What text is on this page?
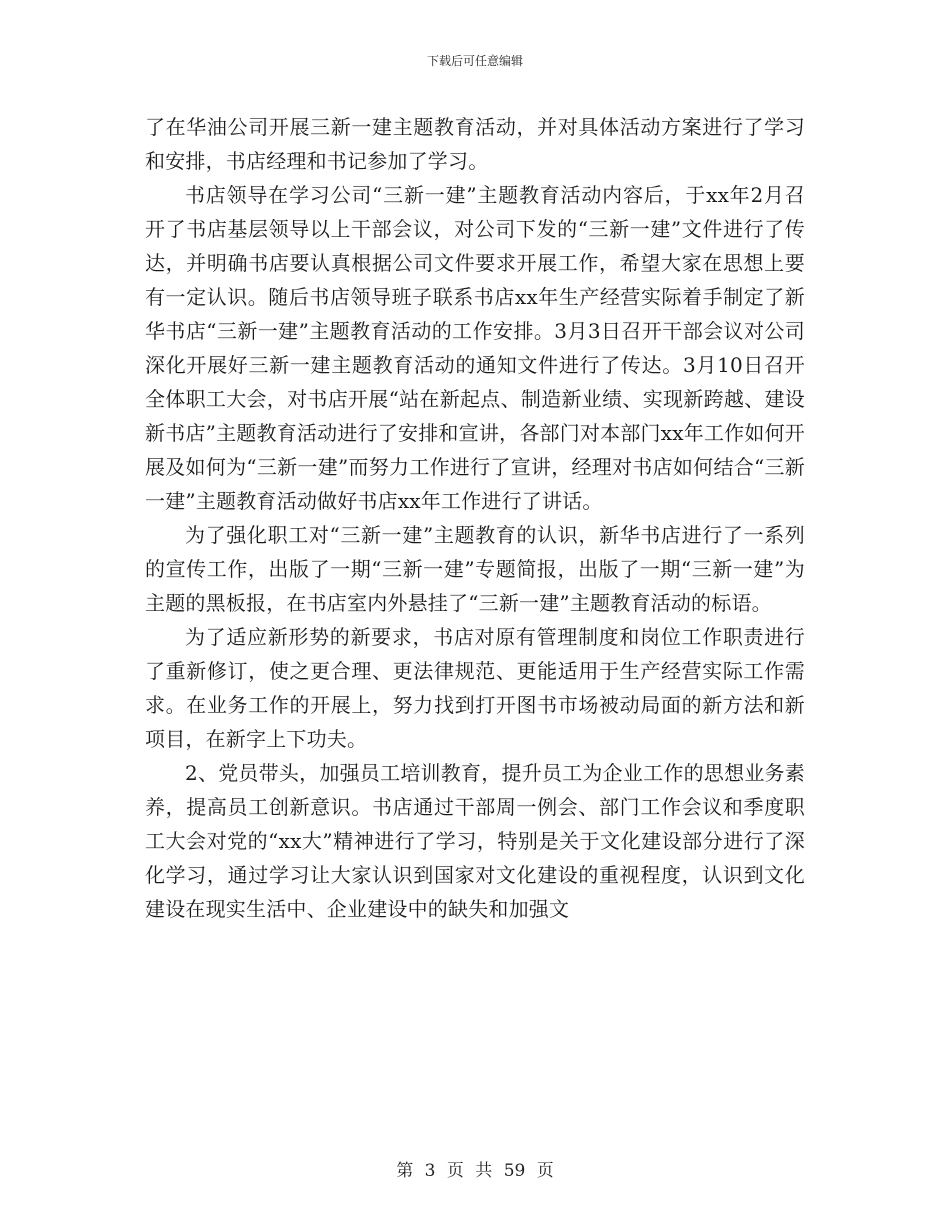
下载后可任意编辑

了在华油公司开展三新一建主题教育活动，并对具体活动方案进行了学习和安排，书店经理和书记参加了学习。

书店领导在学习公司“三新一建”主题教育活动内容后，于xx年2月召开了书店基层领导以上干部会议，对公司下发的“三新一建”文件进行了传达，并明确书店要认真根据公司文件要求开展工作，希望大家在思想上要有一定认识。随后书店领导班子联系书店xx年生产经营实际着手制定了新华书店“三新一建”主题教育活动的工作安排。3月3日召开干部会议对公司深化开展好三新一建主题教育活动的通知文件进行了传达。3月10日召开全体职工大会，对书店开展“站在新起点、制造新业绩、实现新跨越、建设新书店”主题教育活动进行了安排和宣讲，各部门对本部门xx年工作如何开展及如何为“三新一建”而努力工作进行了宣讲，经理对书店如何结合“三新一建”主题教育活动做好书店xx年工作进行了讲话。

为了强化职工对“三新一建”主题教育的认识，新华书店进行了一系列的宣传工作，出版了一期“三新一建”专题简报，出版了一期“三新一建”为主题的黑板报，在书店室内外悬挂了“三新一建”主题教育活动的标语。

为了适应新形势的新要求，书店对原有管理制度和岗位工作职责进行了重新修订，使之更合理、更法律规范、更能适用于生产经营实际工作需求。在业务工作的开展上，努力找到打开图书市场被动局面的新方法和新项目，在新字上下功夫。

2、党员带头，加强员工培训教育，提升员工为企业工作的思想业务素养，提高员工创新意识。书店通过干部周一例会、部门工作会议和季度职工大会对党的“xx大”精神进行了学习，特别是关于文化建设部分进行了深化学习，通过学习让大家认识到国家对文化建设的重视程度，认识到文化建设在现实生活中、企业建设中的缺失和加强文

第 3 页 共 59 页
